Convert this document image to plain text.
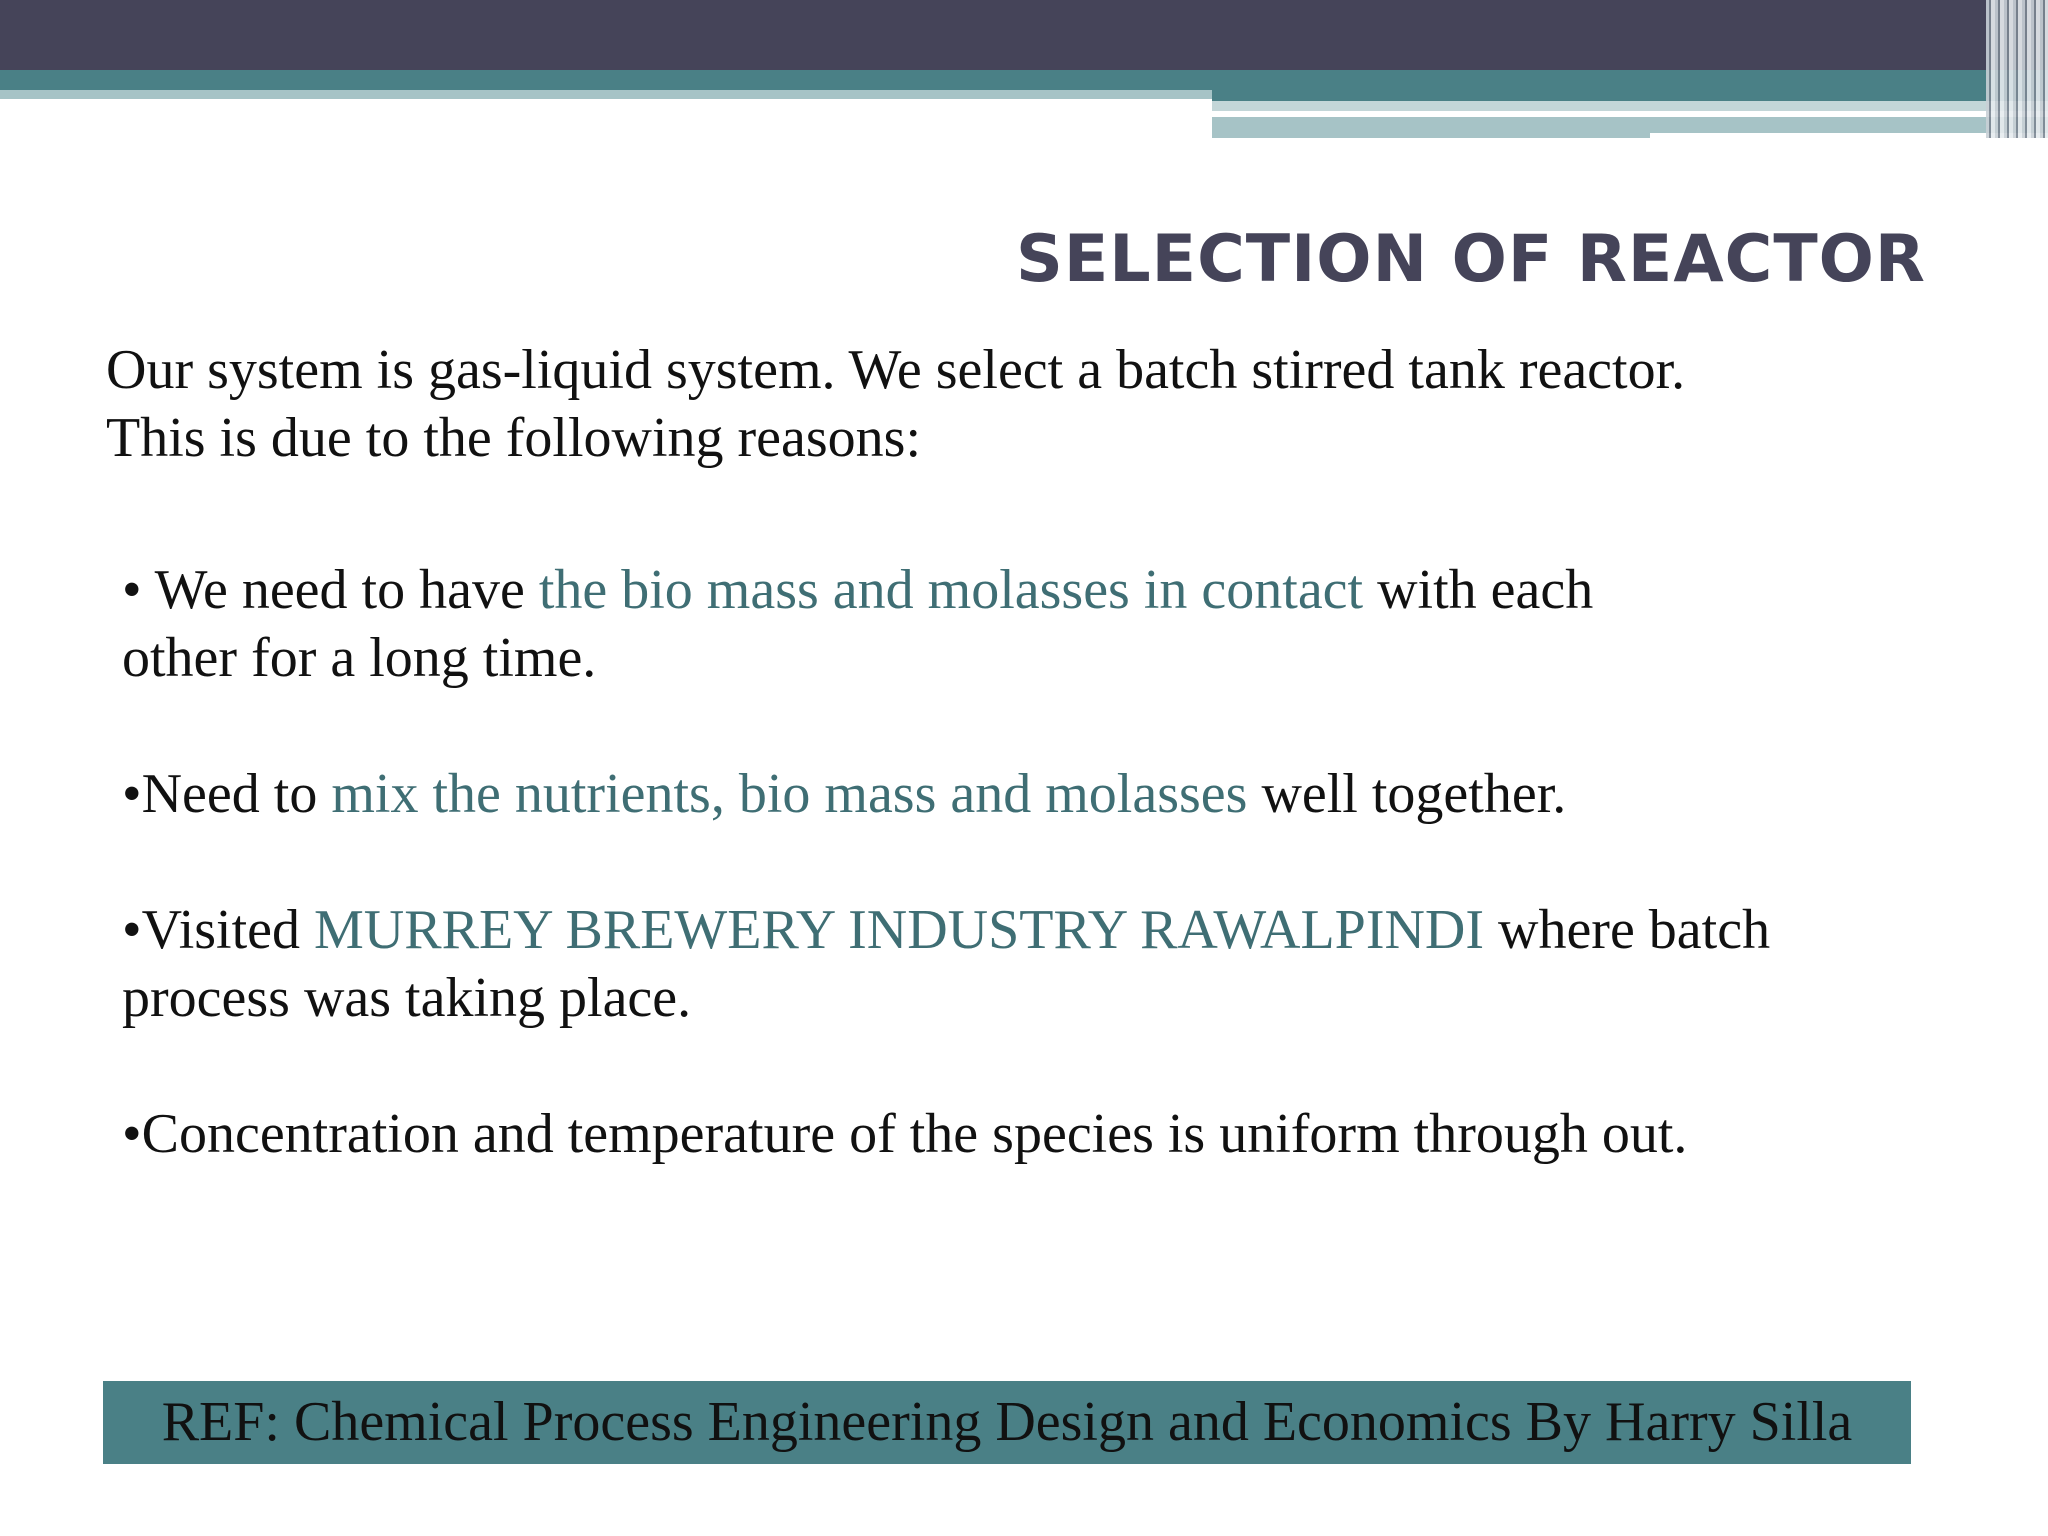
SELECTION OF REACTOR

Our system is gas-liquid system. We select a batch stirred tank reactor.
This is due to the following reasons:

• We need to have the bio mass and molasses in contact with each
other for a long time.
•Need to mix the nutrients, bio mass and molasses well together.
•Visited MURREY BREWERY INDUSTRY RAWALPINDI where batch
process was taking place.
•Concentration and temperature of the species is uniform through out.
REF: Chemical Process Engineering Design and Economics By Harry Silla
